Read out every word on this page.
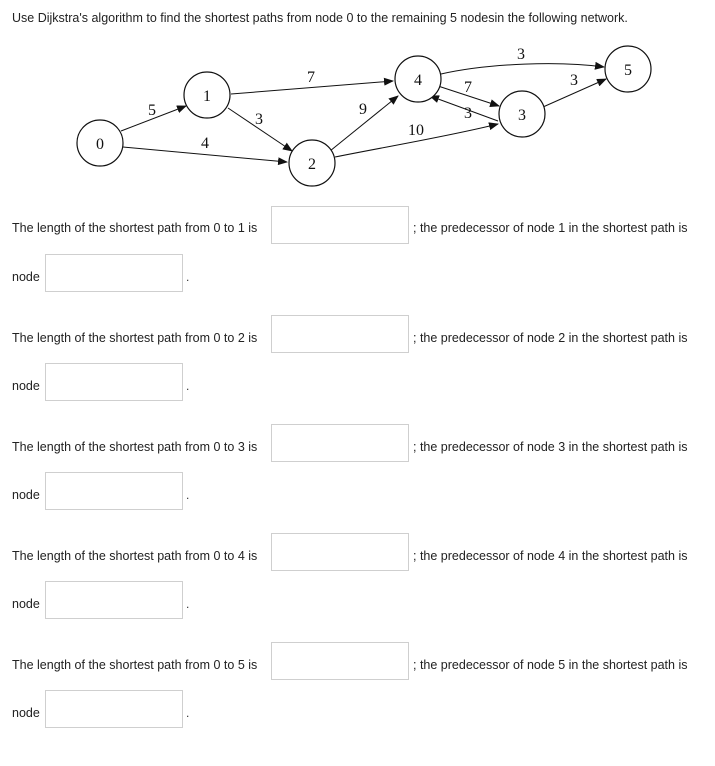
Use Dijkstra's algorithm to find the shortest paths from node 0 to the remaining 5 nodesin the following network.
5
4
7
3
9
10
7
3
3
3
0
1
2
3
4
5
The length of the shortest path from 0 to 1 is	; the predecessor of node 1 in the shortest path is
node	.
The length of the shortest path from 0 to 2 is	; the predecessor of node 2 in the shortest path is
node	.
The length of the shortest path from 0 to 3 is	; the predecessor of node 3 in the shortest path is
node	.
The length of the shortest path from 0 to 4 is	; the predecessor of node 4 in the shortest path is
node	.
The length of the shortest path from 0 to 5 is	; the predecessor of node 5 in the shortest path is
node	.
